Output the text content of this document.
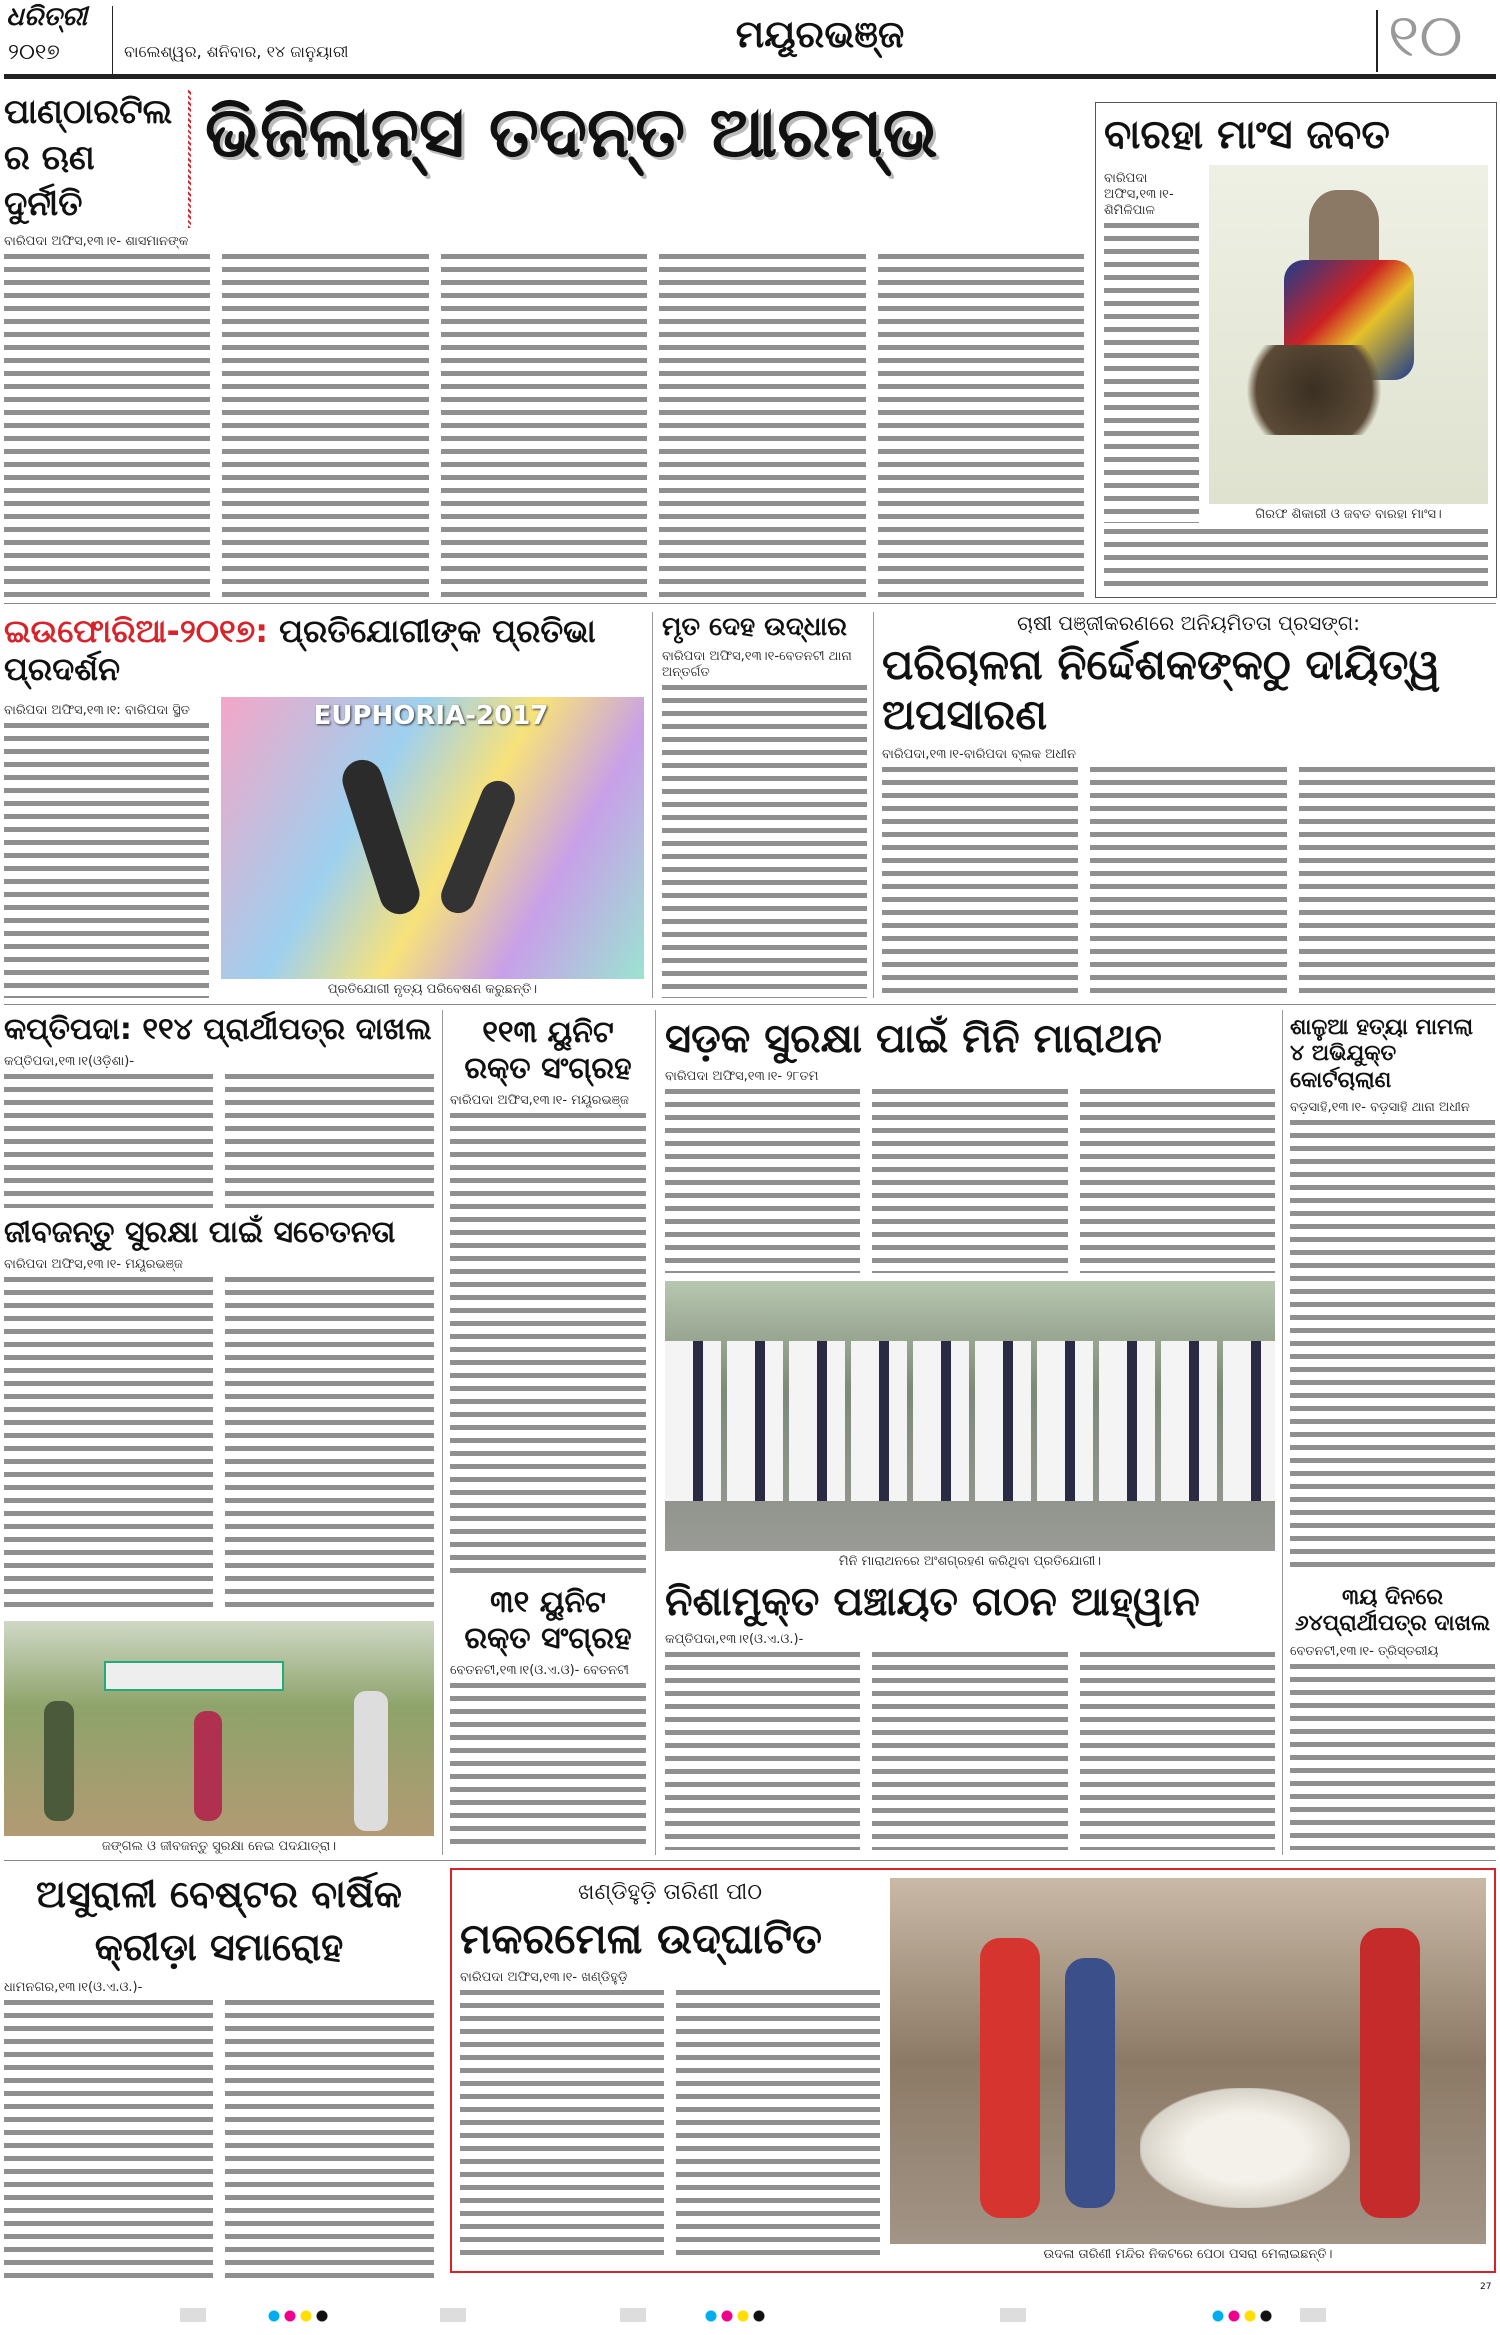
ଧରିତ୍ରୀ
୨୦୧୭	ବାଲେଶ୍ୱର, ଶନିବାର, ୧୪ ଜାନୁୟାରୀ	ମୟୂରଭଞ୍ଜ	୧୦
ପାଣ୍ଠାରଟିଲର ଋଣ ଦୁର୍ନୀତି
ଭିଜିଲାନ୍ସ ତଦନ୍ତ ଆରମ୍ଭ
ବାରିପଦା ଅଫିସ,୧୩।୧- ଶାସମାନଙ୍କ
ବାରହା ମାଂସ ଜବତ
ବାରିପଦା ଅଫିସ,୧୩।୧- ଶିମିଳିପାଳ
ଗିରଫ ଶିକାରୀ ଓ ଜବତ ବାରହା ମାଂସ।
ଇଉଫୋରିଆ-୨୦୧୭: ପ୍ରତିଯୋଗୀଙ୍କ ପ୍ରତିଭା ପ୍ରଦର୍ଶନ
ବାରିପଦା ଅଫିସ,୧୩।୧: ବାରିପଦା ସ୍ଥିତ	EUPHORIA-2017
ପ୍ରତିଯୋଗୀ ନୃତ୍ୟ ପରିବେଷଣ କରୁଛନ୍ତି।
ମୃତ ଦେହ ଉଦ୍ଧାର
ବାରିପଦା ଅଫିସ,୧୩।୧-ବେତନଟୀ ଥାନା ଅନ୍ତର୍ଗତ
ଚାଷୀ ପଞ୍ଜୀକରଣରେ ଅନିୟମିତତା ପ୍ରସଙ୍ଗ:
ପରିଚାଳନା ନିର୍ଦ୍ଦେଶକଙ୍କଠୁ ଦାୟିତ୍ୱ ଅପସାରଣ
ବାରିପଦା,୧୩।୧-ବାରିପଦା ବ୍ଲକ ଅଧୀନ
କପ୍ତିପଦା: ୧୧୪ ପ୍ରାର୍ଥୀପତ୍ର ଦାଖଲ
କପ୍ତିପଦା,୧୩।୧(ଓଡ଼ିଶା)-
ଜୀବଜନ୍ତୁ ସୁରକ୍ଷା ପାଇଁ ସଚେତନତା
ବାରିପଦା ଅଫିସ,୧୩।୧- ମୟୂରଭଞ୍ଜ
ଜଙ୍ଗଲ ଓ ଜୀବଜନ୍ତୁ ସୁରକ୍ଷା ନେଇ ପଦଯାତ୍ରା।
୧୧୩ ୟୁନିଟ
ରକ୍ତ ସଂଗ୍ରହ
ବାରିପଦା ଅଫିସ,୧୩।୧- ମୟୂରଭଞ୍ଜ
୩୧ ୟୁନିଟ
ରକ୍ତ ସଂଗ୍ରହ
ବେତନଟୀ,୧୩।୧(ଓ.ଏ.ଓ)- ବେତନଟୀ
ସଡ଼କ ସୁରକ୍ଷା ପାଇଁ ମିନି ମାରାଥନ
ବାରିପଦା ଅଫିସ,୧୩।୧- ୨୮ତମ
ମିନି ମାରାଥନରେ ଅଂଶଗ୍ରହଣ କରିଥିବା ପ୍ରତିଯୋଗୀ।
ନିଶାମୁକ୍ତ ପଞ୍ଚାୟତ ଗଠନ ଆହ୍ୱାନ
କପ୍ତିପଦା,୧୩।୧(ଓ.ଏ.ଓ.)-
ଶାଳୁଆ ହତ୍ୟା ମାମଲା
୪ ଅଭିଯୁକ୍ତ କୋର୍ଟଚାଲାଣ
ବଡ଼ସାହି,୧୩।୧- ବଡ଼ସାହି ଥାନା ଅଧୀନ
୩ୟ ଦିନରେ
୬୪ପ୍ରାର୍ଥୀପତ୍ର ଦାଖଲ
ବେତନଟୀ,୧୩।୧- ତ୍ରିସ୍ତରୀୟ
ଅସୁରାଳୀ ବେଷ୍ଟର ବାର୍ଷିକ
କ୍ରୀଡ଼ା ସମାରୋହ
ଧାମନଗର,୧୩।୧(ଓ.ଏ.ଓ.)-
ଖଣ୍ଡିହୁଡ଼ି ତାରିଣୀ ପୀଠ
ମକରମେଳା ଉଦ୍‌ଘାଟିତ
ବାରିପଦା ଅଫିସ,୧୩।୧- ଖଣ୍ଡିହୁଡ଼ି
ଉଦଳା ତାରିଣୀ ମନ୍ଦିର ନିକଟରେ ପେଠା ପସରା ମେଲାଇଛନ୍ତି।
27
